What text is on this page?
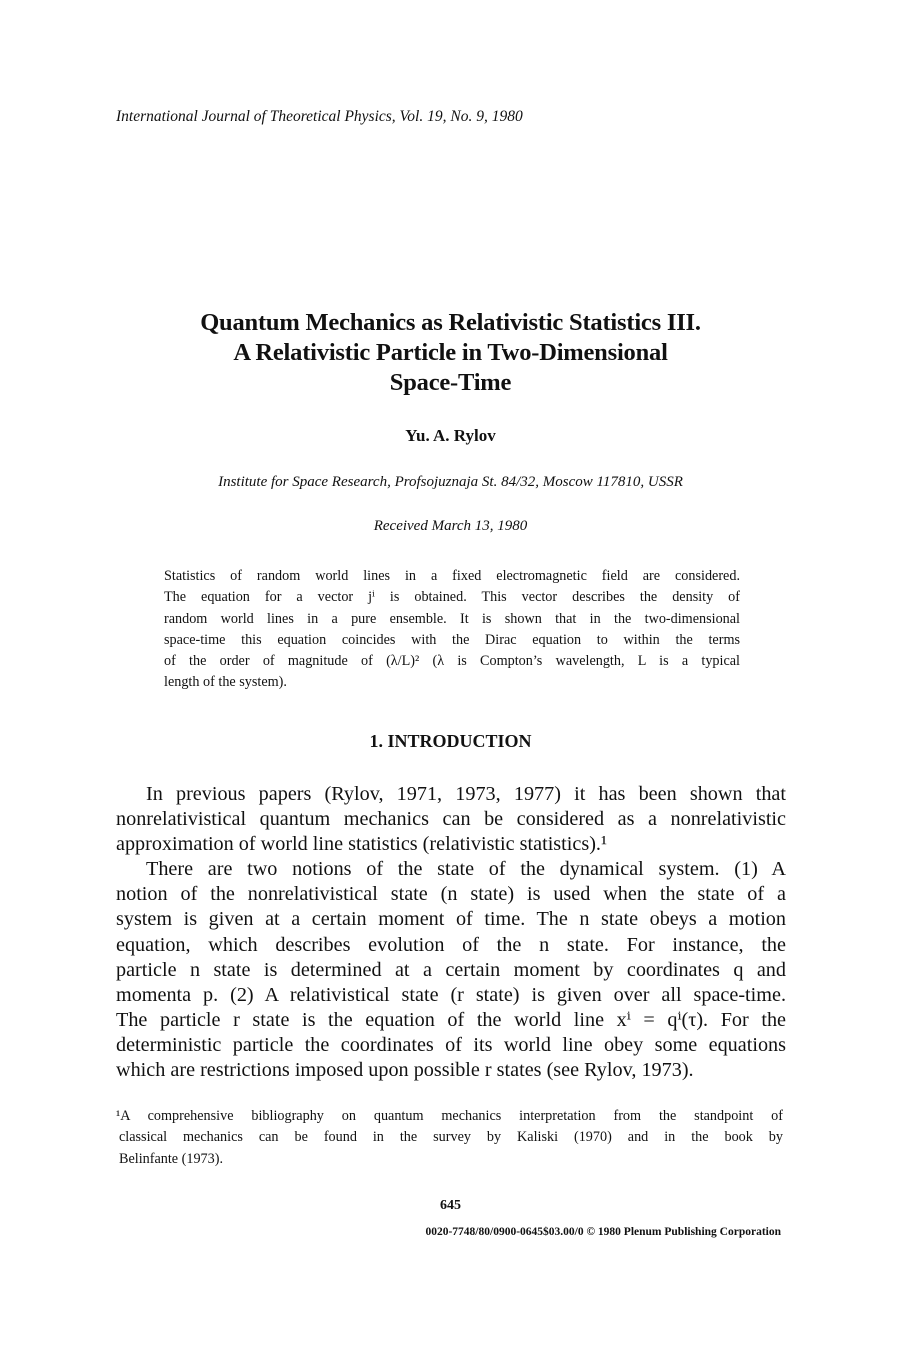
International Journal of Theoretical Physics, Vol. 19, No. 9, 1980
Quantum Mechanics as Relativistic Statistics III.
A Relativistic Particle in Two-Dimensional
Space-Time
Yu. A. Rylov
Institute for Space Research, Profsojuznaja St. 84/32, Moscow 117810, USSR
Received March 13, 1980
Statistics of random world lines in a fixed electromagnetic field are considered.
The equation for a vector jⁱ is obtained. This vector describes the density of
random world lines in a pure ensemble. It is shown that in the two-dimensional
space-time this equation coincides with the Dirac equation to within the terms
of the order of magnitude of (λ/L)² (λ is Compton’s wavelength, L is a typical
length of the system).
1. INTRODUCTION
In previous papers (Rylov, 1971, 1973, 1977) it has been shown that
nonrelativistical quantum mechanics can be considered as a nonrelativistic
approximation of world line statistics (relativistic statistics).¹
There are two notions of the state of the dynamical system. (1) A
notion of the nonrelativistical state (n state) is used when the state of a
system is given at a certain moment of time. The n state obeys a motion
equation, which describes evolution of the n state. For instance, the
particle n state is determined at a certain moment by coordinates q and
momenta p. (2) A relativistical state (r state) is given over all space-time.
The particle r state is the equation of the world line xⁱ = qⁱ(τ). For the
deterministic particle the coordinates of its world line obey some equations
which are restrictions imposed upon possible r states (see Rylov, 1973).
¹A comprehensive bibliography on quantum mechanics interpretation from the standpoint of
classical mechanics can be found in the survey by Kaliski (1970) and in the book by
Belinfante (1973).
645
0020-7748/80/0900-0645$03.00/0 © 1980 Plenum Publishing Corporation
